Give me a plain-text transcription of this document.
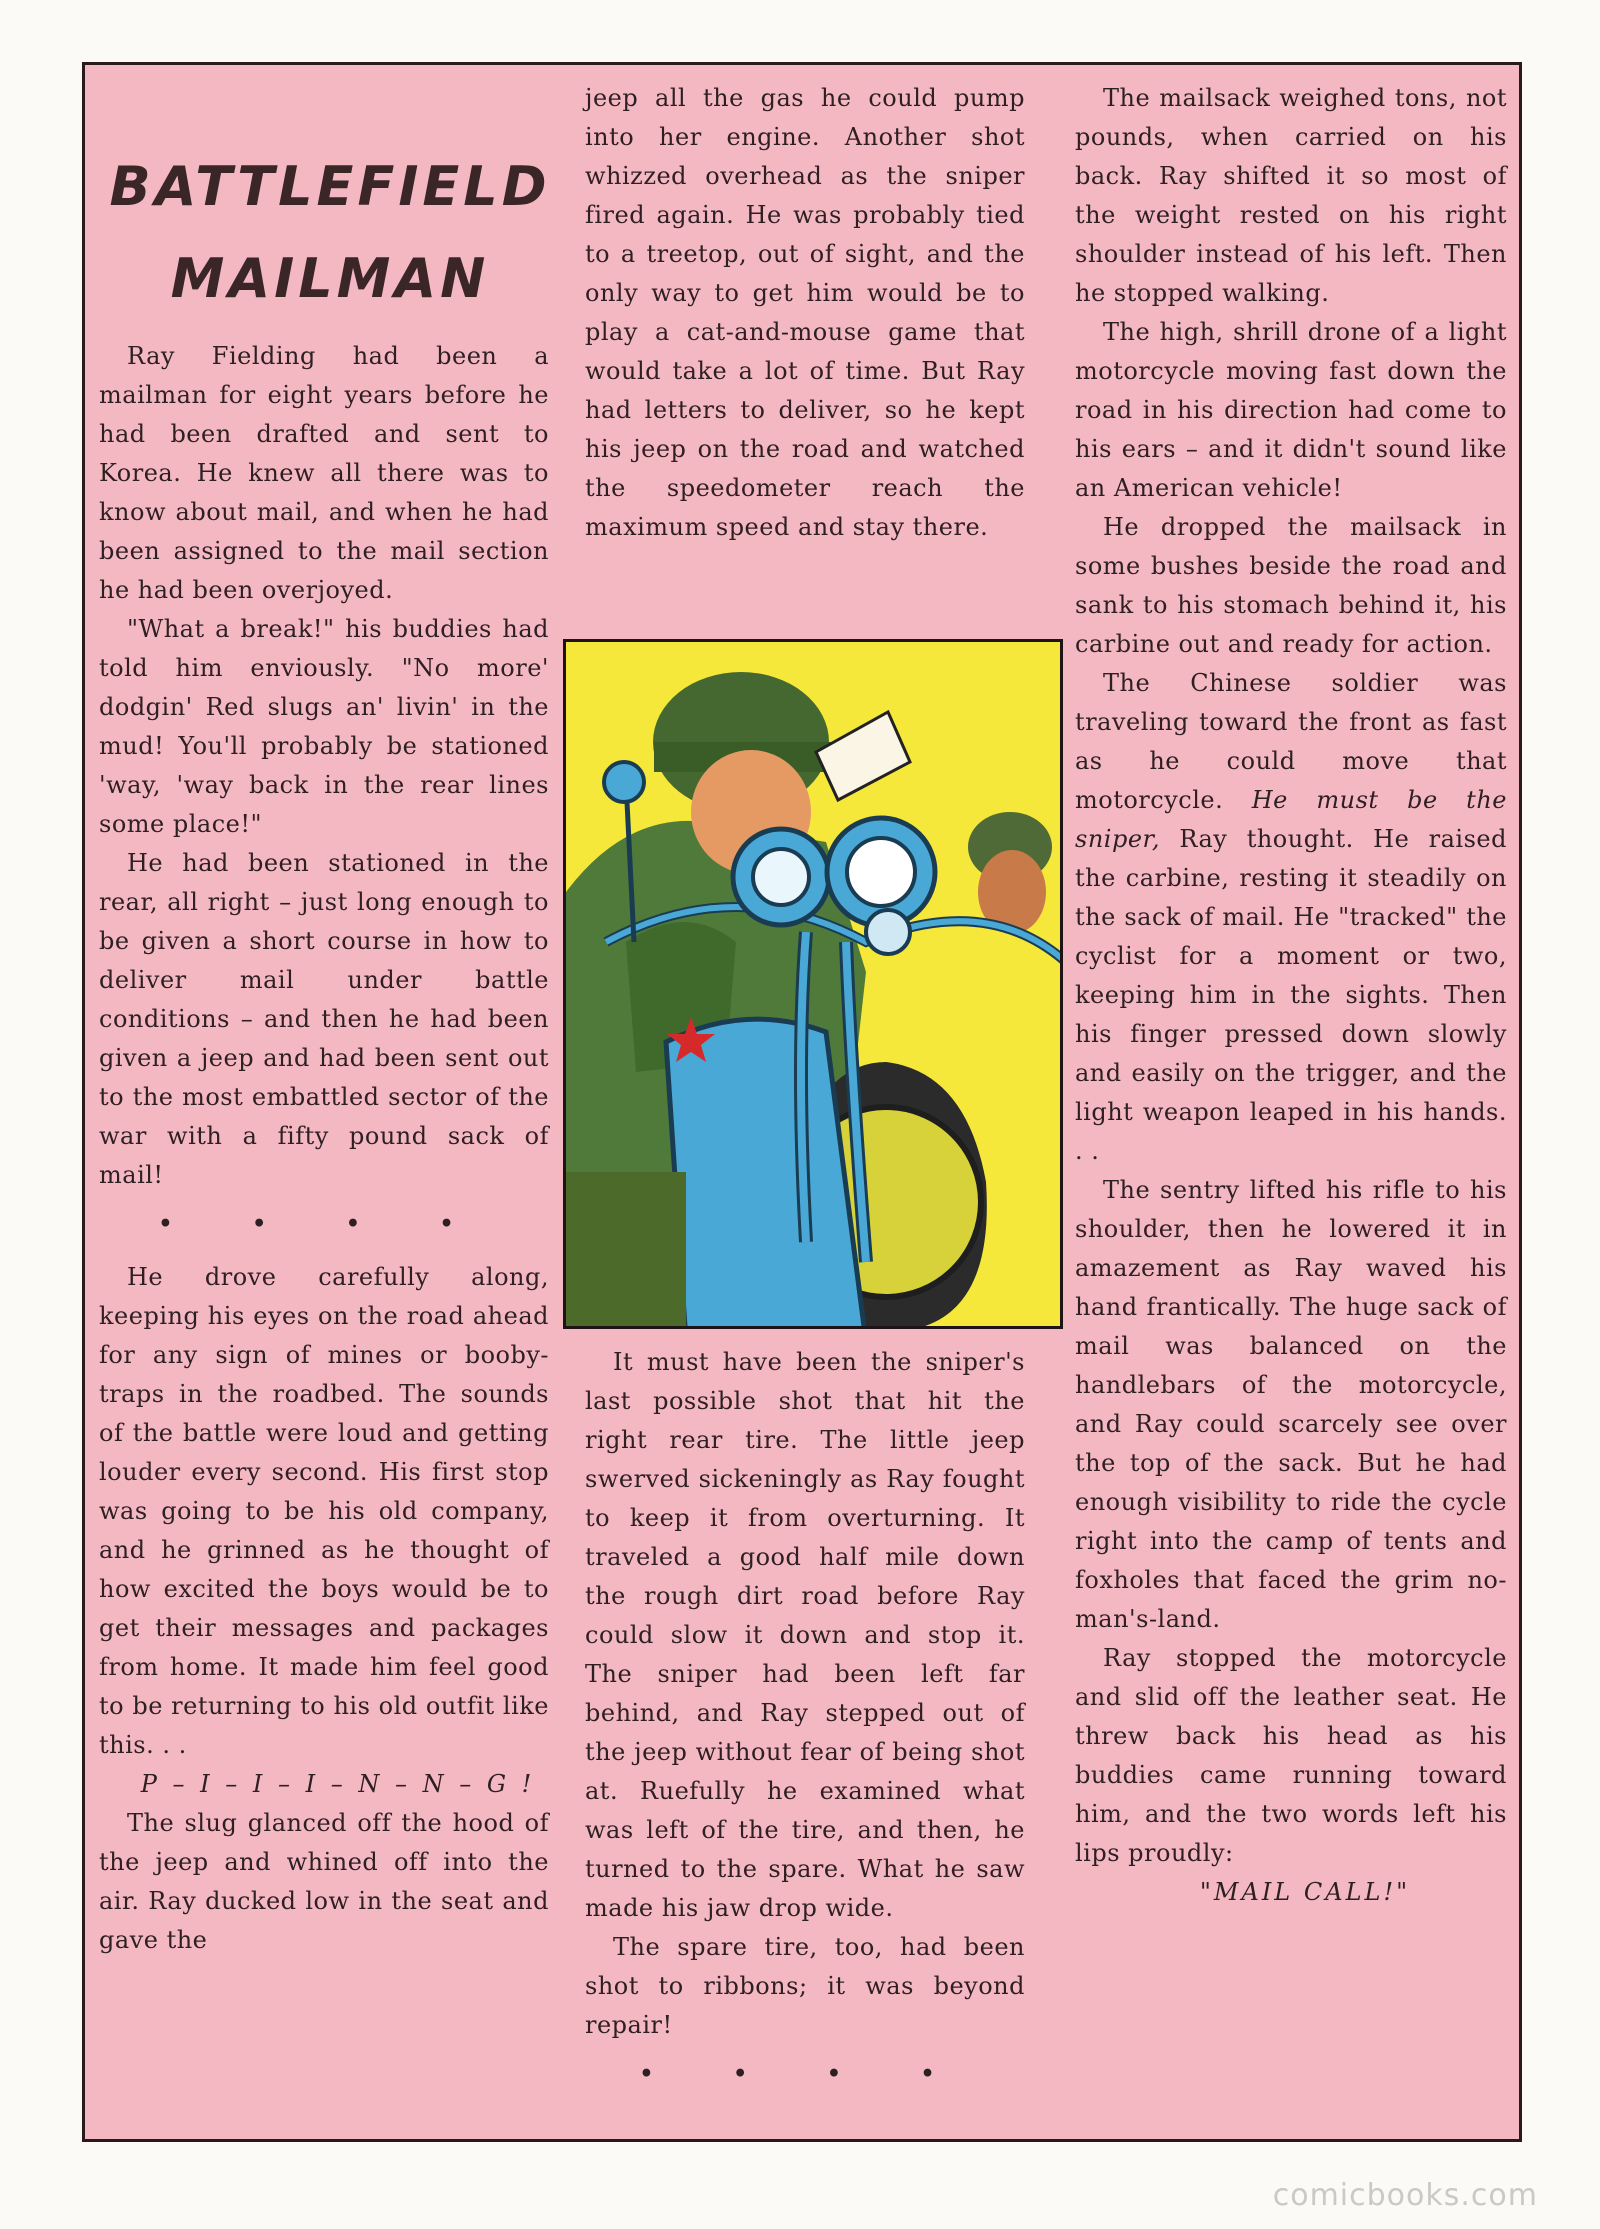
BATTLEFIELD
MAILMAN

Ray Fielding had been a mailman for eight years before he had been drafted and sent to Korea. He knew all there was to know about mail, and when he had been assigned to the mail section he had been overjoyed.

"What a break!" his buddies had told him enviously. "No more' dodgin' Red slugs an' livin' in the mud! You'll probably be stationed 'way, 'way back in the rear lines some place!"

He had been stationed in the rear, all right – just long enough to be given a short course in how to deliver mail under battle conditions – and then he had been given a jeep and had been sent out to the most embattled sector of the war with a fifty pound sack of mail!

• • • •

He drove carefully along, keeping his eyes on the road ahead for any sign of mines or booby-traps in the roadbed. The sounds of the battle were loud and getting louder every second. His first stop was going to be his old company, and he grinned as he thought of how excited the boys would be to get their messages and packages from home. It made him feel good to be returning to his old outfit like this. . .

P – I – I – I – N – N – G !

The slug glanced off the hood of the jeep and whined off into the air. Ray ducked low in the seat and gave the

jeep all the gas he could pump into her engine. Another shot whizzed overhead as the sniper fired again. He was probably tied to a treetop, out of sight, and the only way to get him would be to play a cat-and-mouse game that would take a lot of time. But Ray had letters to deliver, so he kept his jeep on the road and watched the speedometer reach the maximum speed and stay there.

It must have been the sniper's last possible shot that hit the right rear tire. The little jeep swerved sickeningly as Ray fought to keep it from overturning. It traveled a good half mile down the rough dirt road before Ray could slow it down and stop it. The sniper had been left far behind, and Ray stepped out of the jeep without fear of being shot at. Ruefully he examined what was left of the tire, and then, he turned to the spare. What he saw made his jaw drop wide.

The spare tire, too, had been shot to ribbons; it was beyond repair!

• • • •

The mailsack weighed tons, not pounds, when carried on his back. Ray shifted it so most of the weight rested on his right shoulder instead of his left. Then he stopped walking.

The high, shrill drone of a light motorcycle moving fast down the road in his direction had come to his ears – and it didn't sound like an American vehicle!

He dropped the mailsack in some bushes beside the road and sank to his stomach behind it, his carbine out and ready for action.

The Chinese soldier was traveling toward the front as fast as he could move that motorcycle. He must be the sniper, Ray thought. He raised the carbine, resting it steadily on the sack of mail. He "tracked" the cyclist for a moment or two, keeping him in the sights. Then his finger pressed down slowly and easily on the trigger, and the light weapon leaped in his hands. . .

The sentry lifted his rifle to his shoulder, then he lowered it in amazement as Ray waved his hand frantically. The huge sack of mail was balanced on the handlebars of the motorcycle, and Ray could scarcely see over the top of the sack. But he had enough visibility to ride the cycle right into the camp of tents and foxholes that faced the grim no-man's-land.

Ray stopped the motorcycle and slid off the leather seat. He threw back his head as his buddies came running toward him, and the two words left his lips proudly:

"MAIL CALL!"

comicbooks.com
